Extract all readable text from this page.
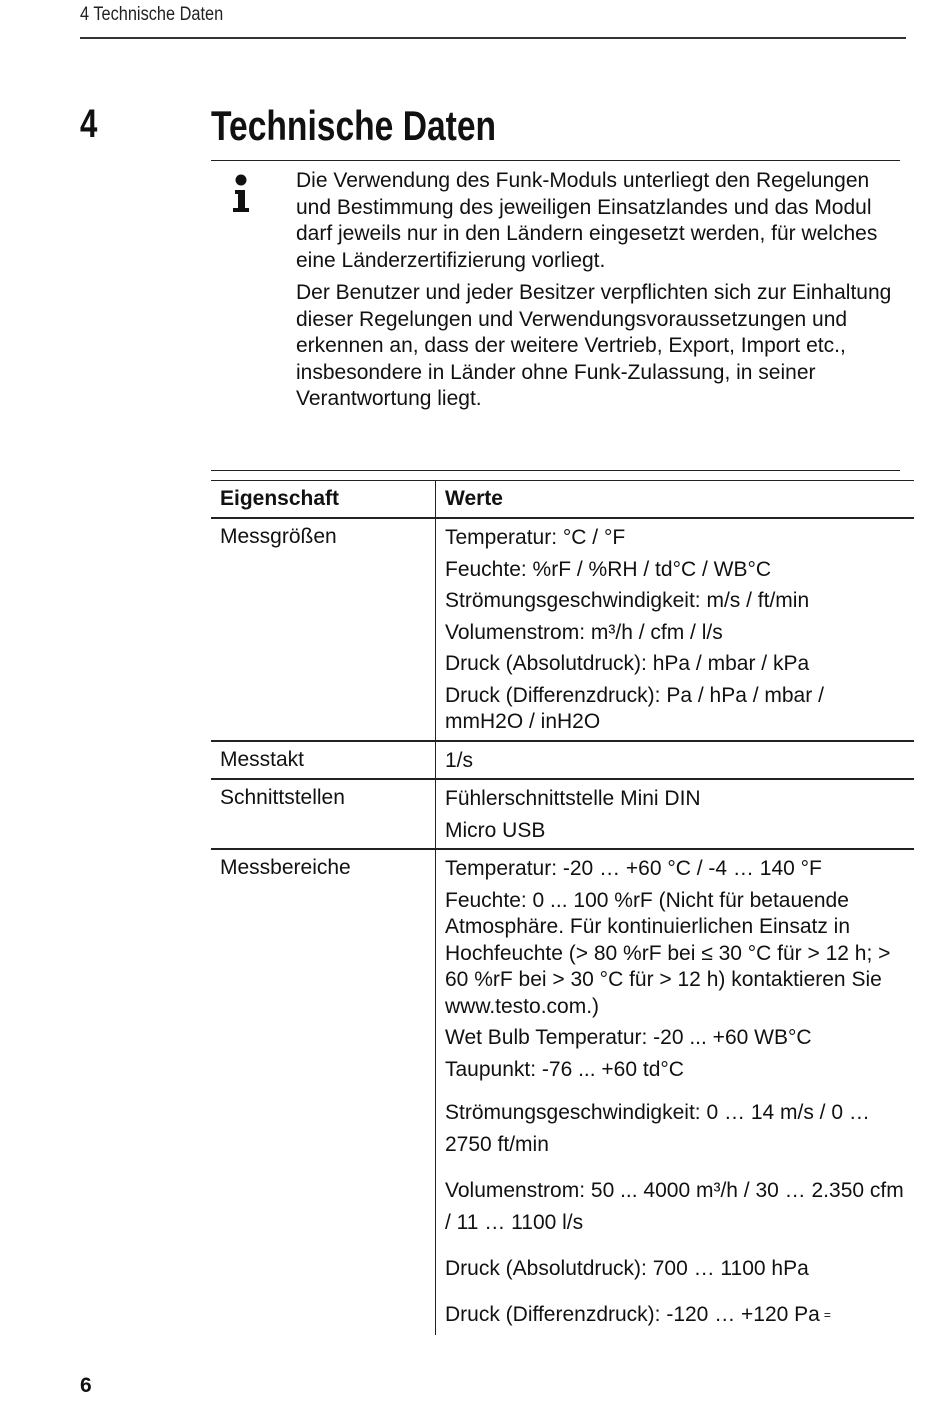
4 Technische Daten
4	Technische Daten

Die Verwendung des Funk-Moduls unterliegt den Regelungen und Bestimmung des jeweiligen Einsatzlandes und das Modul darf jeweils nur in den Ländern eingesetzt werden, für welches eine Länderzertifizierung vorliegt.

Der Benutzer und jeder Besitzer verpflichten sich zur Einhaltung dieser Regelungen und Verwendungsvoraussetzungen und erkennen an, dass der weitere Vertrieb, Export, Import etc., insbesondere in Länder ohne Funk-Zulassung, in seiner Verantwortung liegt.

Eigenschaft	Werte
Messgrößen	Temperatur: °C / °F
Feuchte: %rF / %RH / td°C / WB°C
Strömungsgeschwindigkeit: m/s / ft/min
Volumenstrom: m³/h / cfm / l/s
Druck (Absolutdruck): hPa / mbar / kPa
Druck (Differenzdruck): Pa / hPa / mbar / mmH2O / inH2O
Messtakt	1/s
Schnittstellen	Fühlerschnittstelle Mini DIN
Micro USB
Messbereiche	Temperatur: -20 … +60 °C / -4 … 140 °F
Feuchte: 0 ... 100 %rF (Nicht für betauende Atmosphäre. Für kontinuierlichen Einsatz in Hochfeuchte (> 80 %rF bei ≤ 30 °C für > 12 h; > 60 %rF bei > 30 °C für > 12 h) kontaktieren Sie www.testo.com.)
Wet Bulb Temperatur: -20 ... +60 WB°C
Taupunkt: -76 ... +60 td°C
Strömungsgeschwindigkeit: 0 … 14 m/s / 0 … 2750 ft/min
Volumenstrom: 50 ... 4000 m³/h / 30 … 2.350 cfm / 11 … 1100 l/s
Druck (Absolutdruck): 700 … 1100 hPa
Druck (Differenzdruck): -120 … +120 Pa =
6
